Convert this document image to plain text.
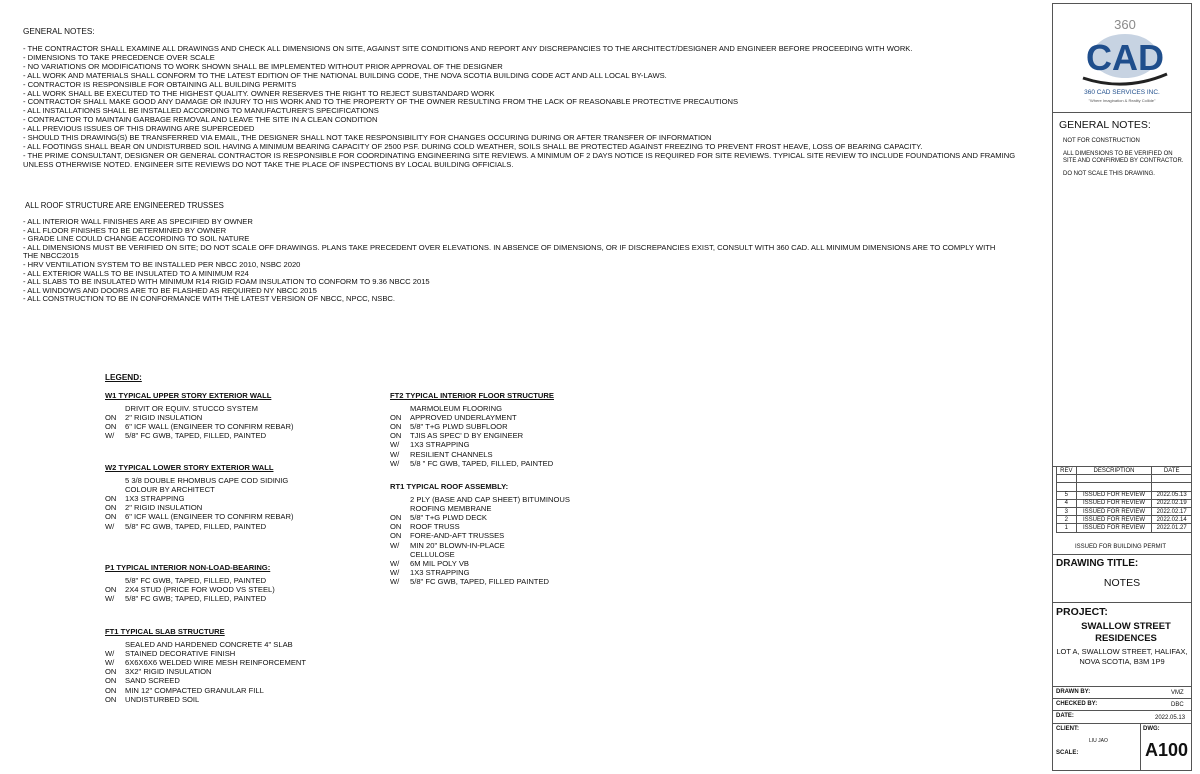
GENERAL NOTES:
- THE CONTRACTOR SHALL EXAMINE ALL DRAWINGS AND CHECK ALL DIMENSIONS ON SITE, AGAINST SITE CONDITIONS AND REPORT ANY DISCREPANCIES TO THE ARCHITECT/DESIGNER AND ENGINEER BEFORE PROCEEDING WITH WORK.
- DIMENSIONS TO TAKE PRECEDENCE OVER SCALE
- NO VARIATIONS OR MODIFICATIONS TO WORK SHOWN SHALL BE IMPLEMENTED WITHOUT PRIOR APPROVAL OF THE DESIGNER
- ALL WORK AND MATERIALS SHALL CONFORM TO THE LATEST EDITION OF THE NATIONAL BUILDING CODE, THE NOVA SCOTIA BUILDING CODE ACT AND ALL LOCAL BY-LAWS.
- CONTRACTOR IS RESPONSIBLE FOR OBTAINING ALL BUILDING PERMITS
- ALL WORK SHALL BE EXECUTED TO THE HIGHEST QUALITY. OWNER RESERVES THE RIGHT TO REJECT SUBSTANDARD WORK
- CONTRACTOR SHALL MAKE GOOD ANY DAMAGE OR INJURY TO HIS WORK AND TO THE PROPERTY OF THE OWNER RESULTING FROM THE LACK OF REASONABLE PROTECTIVE PRECAUTIONS
- ALL INSTALLATIONS SHALL BE INSTALLED ACCORDING TO MANUFACTURER'S SPECIFICATIONS
- CONTRACTOR TO MAINTAIN GARBAGE REMOVAL AND LEAVE THE SITE IN A CLEAN CONDITION
- ALL PREVIOUS ISSUES OF THIS DRAWING ARE SUPERCEDED
- SHOULD THIS DRAWING(S) BE TRANSFERRED VIA EMAIL, THE DESIGNER SHALL NOT TAKE RESPONSIBILITY FOR CHANGES OCCURING DURING OR AFTER TRANSFER OF INFORMATION
- ALL FOOTINGS SHALL BEAR ON UNDISTURBED SOIL HAVING A MINIMUM BEARING CAPACITY OF 2500 PSF. DURING COLD WEATHER, SOILS SHALL BE PROTECTED AGAINST FREEZING TO PREVENT FROST HEAVE, LOSS OF BEARING CAPACITY.
- THE PRIME CONSULTANT, DESIGNER OR GENERAL CONTRACTOR IS RESPONSIBLE FOR COORDINATING ENGINEERING SITE REVIEWS. A MINIMUM OF 2 DAYS NOTICE IS REQUIRED FOR SITE REVIEWS. TYPICAL SITE REVIEW TO INCLUDE FOUNDATIONS AND FRAMING UNLESS OTHERWISE NOTED. ENGINEER SITE REVIEWS DO NOT TAKE THE PLACE OF INSPECTIONS BY LOCAL BUILDING OFFICIALS.
ALL ROOF STRUCTURE ARE ENGINEERED TRUSSES
- ALL INTERIOR WALL FINISHES ARE AS SPECIFIED BY OWNER
- ALL FLOOR FINISHES TO BE DETERMINED BY OWNER
- GRADE LINE COULD CHANGE ACCORDING TO SOIL NATURE
- ALL DIMENSIONS MUST BE VERIFIED ON SITE; DO NOT SCALE OFF DRAWINGS. PLANS TAKE PRECEDENT OVER ELEVATIONS. IN ABSENCE OF DIMENSIONS, OR IF DISCREPANCIES EXIST, CONSULT WITH 360 CAD. ALL MINIMUM DIMENSIONS ARE TO COMPLY WITH THE NBCC2015
- HRV VENTILATION SYSTEM TO BE INSTALLED PER NBCC 2010, NSBC 2020
- ALL EXTERIOR WALLS TO BE INSULATED TO A MINIMUM R24
- ALL SLABS TO BE INSULATED WITH MINIMUM R14 RIGID FOAM INSULATION TO CONFORM TO 9.36 NBCC 2015
- ALL WINDOWS AND DOORS ARE TO BE FLASHED AS REQUIRED NY NBCC 2015
- ALL CONSTRUCTION TO BE IN CONFORMANCE WITH THE LATEST VERSION OF NBCC, NPCC, NSBC.
LEGEND:
W1 TYPICAL UPPER STORY EXTERIOR WALL
DRIVIT OR EQUIV. STUCCO SYSTEM
ON	2" RIGID INSULATION
ON	6" ICF WALL (ENGINEER TO CONFIRM REBAR)
W/	5/8" FC GWB, TAPED, FILLED, PAINTED
W2 TYPICAL LOWER STORY EXTERIOR WALL
5 3/8 DOUBLE RHOMBUS CAPE COD SIDINIG
COLOUR BY ARCHITECT
ON	1X3 STRAPPING
ON	2" RIGID INSULATION
ON	6" ICF WALL (ENGINEER TO CONFIRM REBAR)
W/	5/8" FC GWB, TAPED, FILLED, PAINTED
P1 TYPICAL INTERIOR NON-LOAD-BEARING:
5/8" FC GWB, TAPED, FILLED, PAINTED
ON	2X4 STUD (PRICE FOR WOOD VS STEEL)
W/	5/8" FC GWB; TAPED, FILLED, PAINTED
FT1 TYPICAL SLAB STRUCTURE
SEALED AND HARDENED CONCRETE 4" SLAB
W/	STAINED DECORATIVE FINISH
W/	6X6X6X6 WELDED WIRE MESH REINFORCEMENT
ON	3X2" RIGID INSULATION
ON	SAND SCREED
ON	MIN 12" COMPACTED GRANULAR FILL
ON	UNDISTURBED SOIL
FT2 TYPICAL INTERIOR FLOOR STRUCTURE
MARMOLEUM FLOORING
ON	APPROVED UNDERLAYMENT
ON	5/8" T+G PLWD SUBFLOOR
ON	TJIS AS SPEC' D BY ENGINEER
W/	1X3 STRAPPING
W/	RESILIENT CHANNELS
W/	5/8 " FC GWB, TAPED, FILLED, PAINTED
RT1 TYPICAL ROOF ASSEMBLY:
2 PLY (BASE AND CAP SHEET) BITUMINOUS
ROOFING MEMBRANE
ON	5/8" T+G PLWD DECK
ON	ROOF TRUSS
ON	FORE-AND-AFT TRUSSES
W/	MIN 20" BLOWN-IN-PLACE
CELLULOSE
W/	6M MIL POLY VB
W/	1X3 STRAPPING
W/	5/8" FC GWB, TAPED, FILLED PAINTED
360
CAD
360 CAD SERVICES INC.
"Where Imagination & Reality Collide"
GENERAL NOTES:
NOT FOR CONSTRUCTION
ALL DIMENSIONS TO BE VERIFIED ON SITE AND CONFIRMED BY CONTRACTOR.
DO NOT SCALE THIS DRAWING.
REV	DESCRIPTION	DATE

5	ISSUED FOR REVIEW	2022.05.13
4	ISSUED FOR REVIEW	2022.02.19
3	ISSUED FOR REVIEW	2022.02.17
2	ISSUED FOR REVIEW	2022.02.14
1	ISSUED FOR REVIEW	2022.01.27
ISSUED FOR BUILDING PERMIT
DRAWING TITLE:
NOTES
PROJECT:
SWALLOW STREET RESIDENCES
LOT A, SWALLOW STREET, HALIFAX, NOVA SCOTIA, B3M 1P9
DRAWN BY:	VMZ
CHECKED BY:	DBC
DATE:	2022.05.13
CLIENT:
LIU JAO
DWG:
A100
SCALE:
